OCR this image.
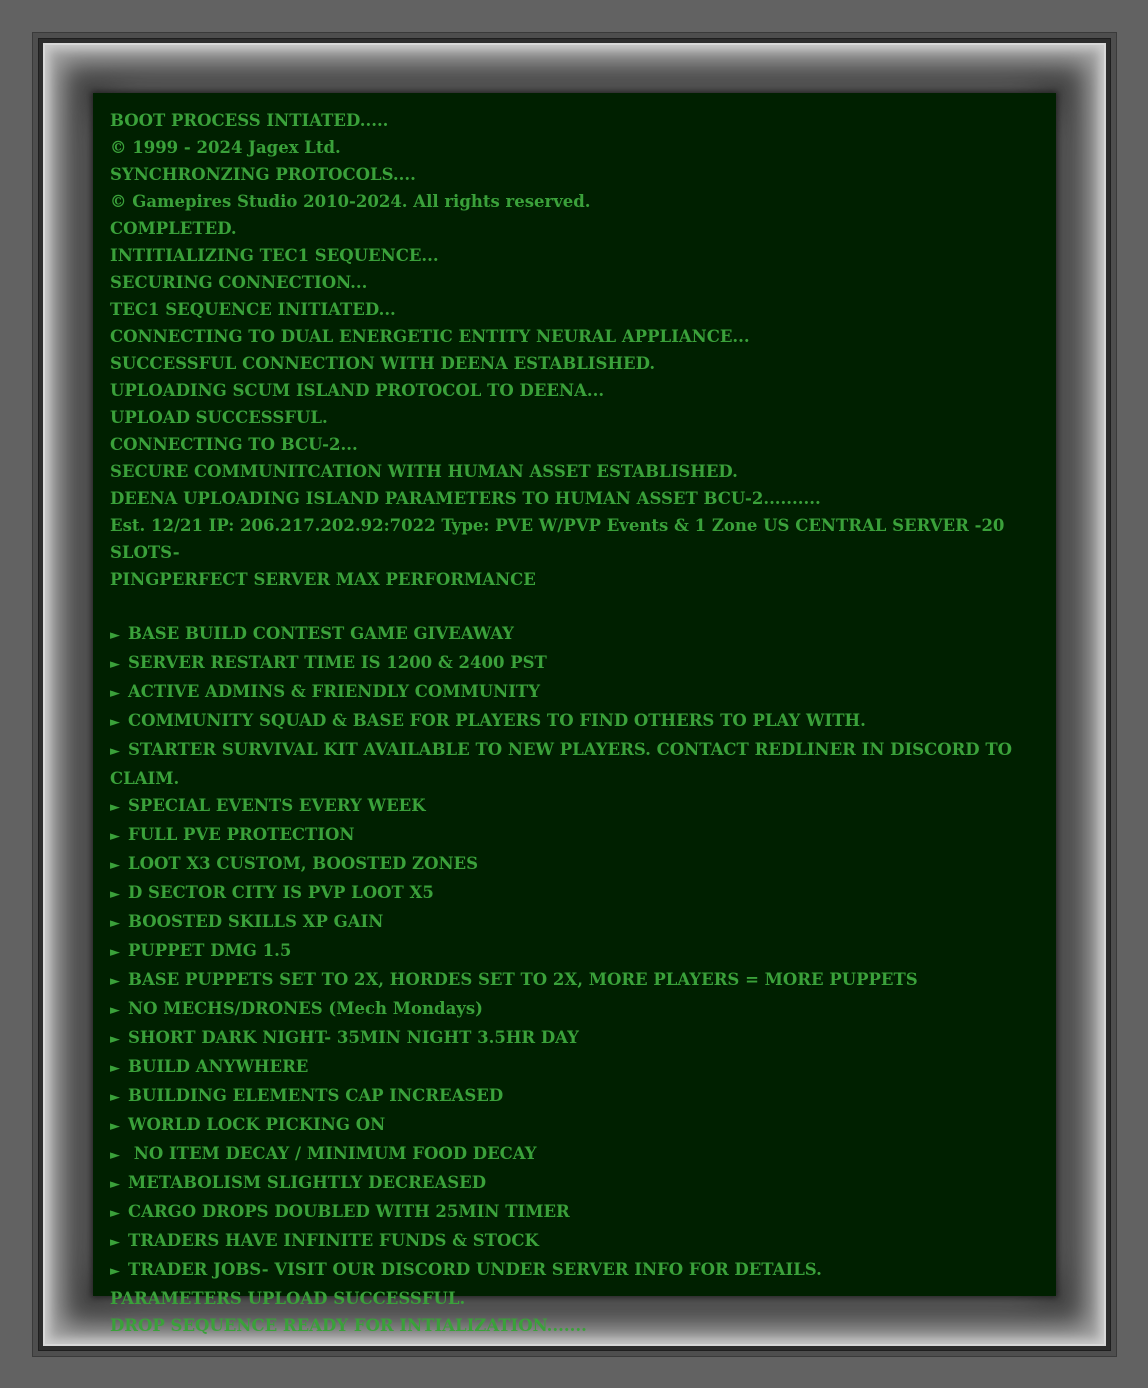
BOOT PROCESS INTIATED.....

© 1999 - 2024 Jagex Ltd.

SYNCHRONZING PROTOCOLS....

© Gamepires Studio 2010-2024. All rights reserved.

COMPLETED.

INTITIALIZING TEC1 SEQUENCE...

SECURING CONNECTION...

TEC1 SEQUENCE INITIATED...

CONNECTING TO DUAL ENERGETIC ENTITY NEURAL APPLIANCE...

SUCCESSFUL CONNECTION WITH DEENA ESTABLISHED.

UPLOADING SCUM ISLAND PROTOCOL TO DEENA...

UPLOAD SUCCESSFUL.

CONNECTING TO BCU-2...

SECURE COMMUNITCATION WITH HUMAN ASSET ESTABLISHED.

DEENA UPLOADING ISLAND PARAMETERS TO HUMAN ASSET BCU-2..........

Est. 12/21 IP: 206.217.202.92:7022 Type: PVE W/PVP Events & 1 Zone US CENTRAL SERVER -20 SLOTS-

PINGPERFECT SERVER MAX PERFORMANCE

► BASE BUILD CONTEST GAME GIVEAWAY

► SERVER RESTART TIME IS 1200 & 2400 PST

► ACTIVE ADMINS & FRIENDLY COMMUNITY

► COMMUNITY SQUAD & BASE FOR PLAYERS TO FIND OTHERS TO PLAY WITH.

► STARTER SURVIVAL KIT AVAILABLE TO NEW PLAYERS. CONTACT REDLINER IN DISCORD TO

CLAIM.

► SPECIAL EVENTS EVERY WEEK

► FULL PVE PROTECTION

► LOOT X3 CUSTOM, BOOSTED ZONES

► D SECTOR CITY IS PVP LOOT X5

► BOOSTED SKILLS XP GAIN

► PUPPET DMG 1.5

► BASE PUPPETS SET TO 2X, HORDES SET TO 2X, MORE PLAYERS = MORE PUPPETS

► NO MECHS/DRONES (Mech Mondays)

► SHORT DARK NIGHT- 35MIN NIGHT 3.5HR DAY

► BUILD ANYWHERE

► BUILDING ELEMENTS CAP INCREASED

► WORLD LOCK PICKING ON

► NO ITEM DECAY / MINIMUM FOOD DECAY

► METABOLISM SLIGHTLY DECREASED

► CARGO DROPS DOUBLED WITH 25MIN TIMER

► TRADERS HAVE INFINITE FUNDS & STOCK

► TRADER JOBS- VISIT OUR DISCORD UNDER SERVER INFO FOR DETAILS.

PARAMETERS UPLOAD SUCCESSFUL.

DROP SEQUENCE READY FOR INTIALIZATION.......
